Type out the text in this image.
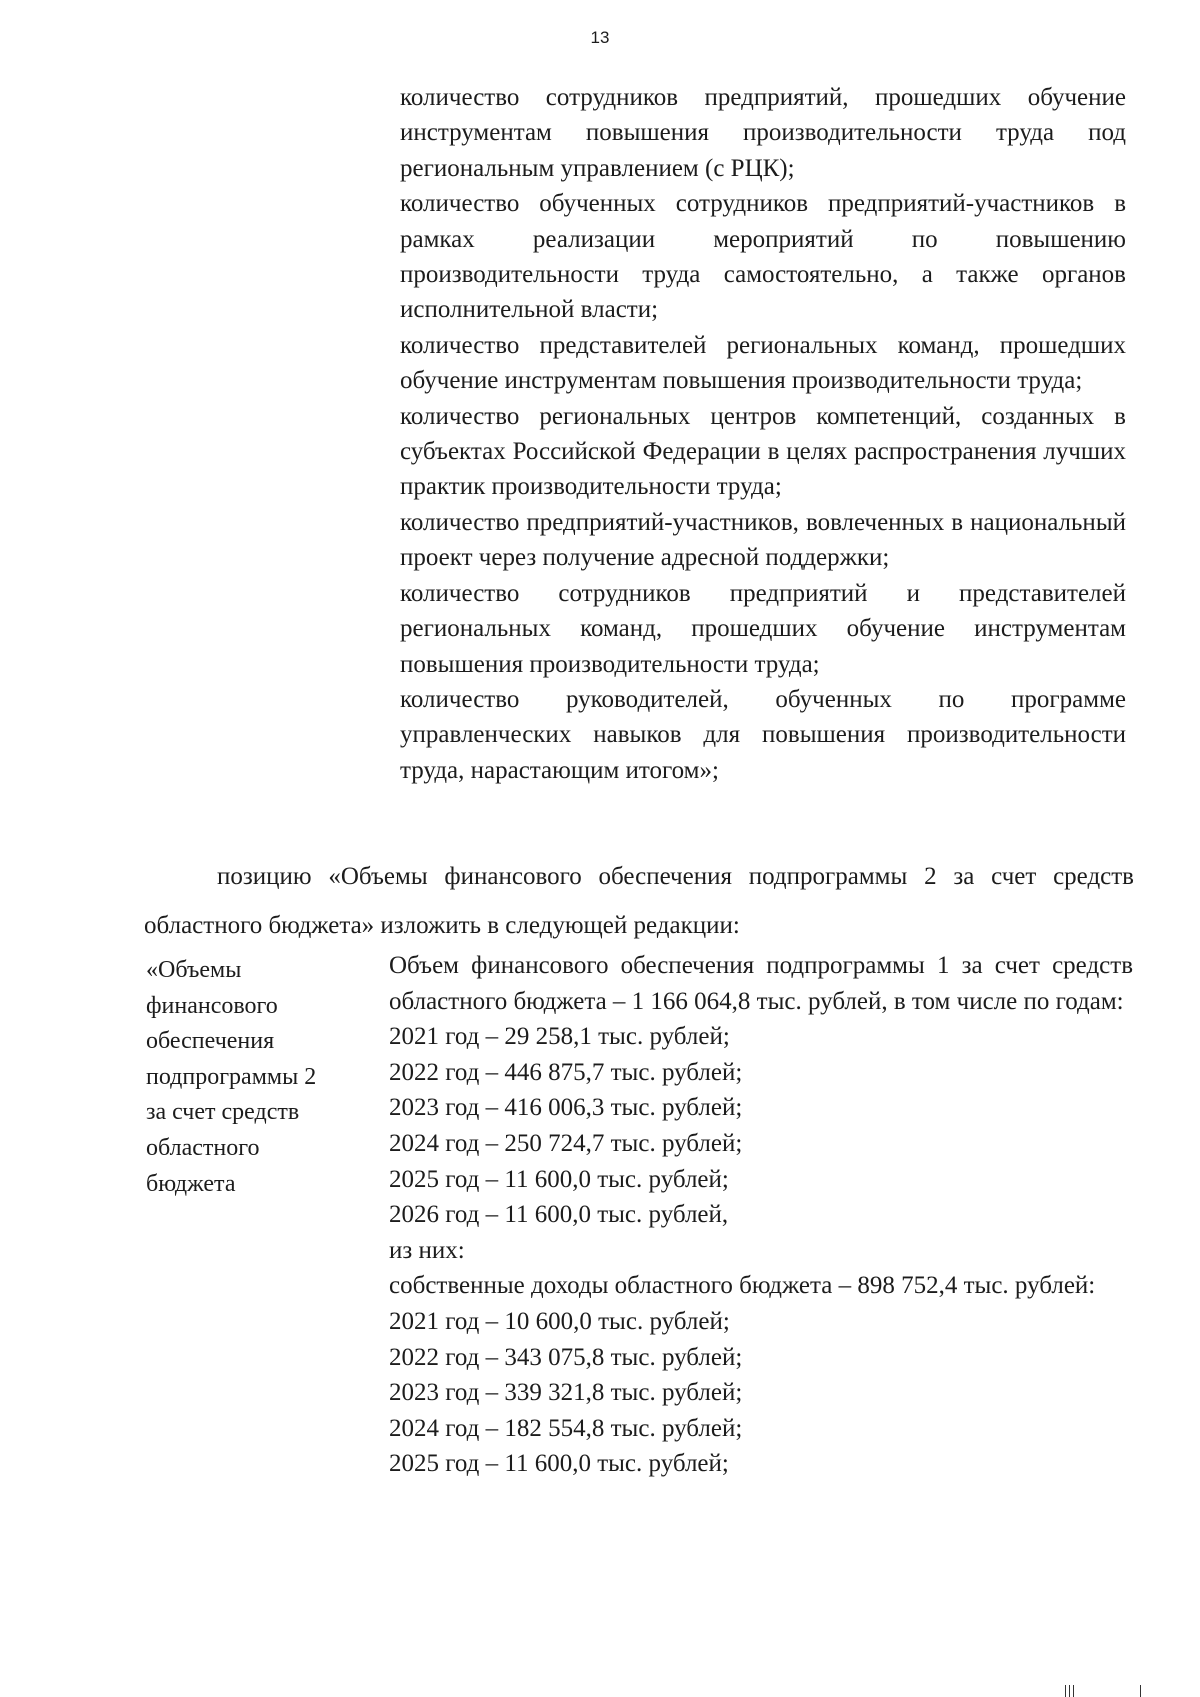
13

количество сотрудников предприятий, прошедших обучение инструментам повышения производительности труда под региональным управлением (с РЦК);

количество обученных сотрудников предприятий-участников в рамках реализации мероприятий по повышению производительности труда самостоятельно, а также органов исполнительной власти;

количество представителей региональных команд, прошедших обучение инструментам повышения производительности труда;

количество региональных центров компетенций, созданных в субъектах Российской Федерации в целях распространения лучших практик производительности труда;

количество предприятий-участников, вовлеченных в национальный проект через получение адресной поддержки;

количество сотрудников предприятий и представителей региональных команд, прошедших обучение инструментам повышения производительности труда;

количество руководителей, обученных по программе управленческих навыков для повышения производительности труда, нарастающим итогом»;

позицию «Объемы финансового обеспечения подпрограммы 2 за счет средств областного бюджета» изложить в следующей редакции:

«Объемы
финансового
обеспечения
подпрограммы 2
за счет средств
областного
бюджета

Объем финансового обеспечения подпрограммы 1 за счет средств областного бюджета – 1 166 064,8 тыс. рублей, в том числе по годам:

2021 год – 29 258,1 тыс. рублей;

2022 год – 446 875,7 тыс. рублей;

2023 год – 416 006,3 тыс. рублей;

2024 год – 250 724,7 тыс. рублей;

2025 год – 11 600,0 тыс. рублей;

2026 год – 11 600,0 тыс. рублей,

из них:

собственные доходы областного бюджета – 898 752,4 тыс. рублей:

2021 год – 10 600,0 тыс. рублей;

2022 год – 343 075,8 тыс. рублей;

2023 год – 339 321,8 тыс. рублей;

2024 год – 182 554,8 тыс. рублей;

2025 год – 11 600,0 тыс. рублей;
